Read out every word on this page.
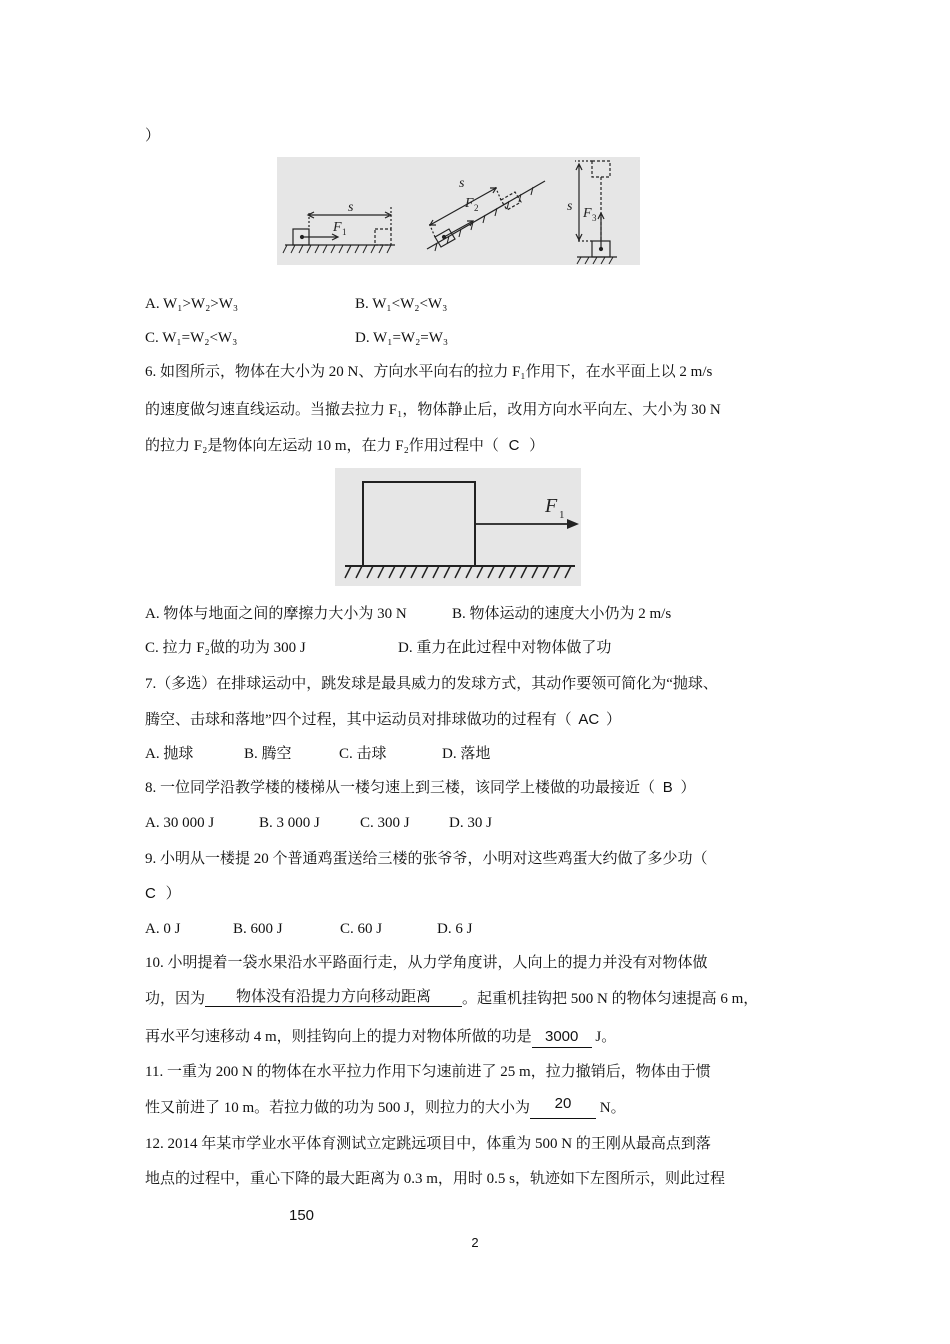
）
s
F 1
s
F 2	s F 3
A. W₁>W₂>W₃	B. W₁<W₂<W₃
C. W₁=W₂<W₃	D. W₁=W₂=W₃
6. 如图所示，物体在大小为 20 N、方向水平向右的拉力 F₁作用下，在水平面上以 2 m/s
的速度做匀速直线运动。当撤去拉力 F₁，物体静止后，改用方向水平向左、大小为 30 N
的拉力 F₂是物体向左运动 10 m，在力 F₂作用过程中（ C ）
F 1
A. 物体与地面之间的摩擦力大小为 30 N	B. 物体运动的速度大小仍为 2 m/s
C. 拉力 F₂做的功为 300 J	D. 重力在此过程中对物体做了功
7.（多选）在排球运动中，跳发球是最具威力的发球方式，其动作要领可简化为“抛球、
腾空、击球和落地”四个过程，其中运动员对排球做功的过程有（ AC ）
A. 抛球	B. 腾空	C. 击球	D. 落地
8. 一位同学沿教学楼的楼梯从一楼匀速上到三楼，该同学上楼做的功最接近（ B ）
A. 30 000 J	B. 3 000 J	C. 300 J	D. 30 J
9. 小明从一楼提 20 个普通鸡蛋送给三楼的张爷爷，小明对这些鸡蛋大约做了多少功（
C ）
A. 0 J	B. 600 J	C. 60 J	D. 6 J
10. 小明提着一袋水果沿水平路面行走，从力学角度讲，人向上的提力并没有对物体做
功，因为 物体没有沿提力方向移动距离 。起重机挂钩把 500 N 的物体匀速提高 6 m，
再水平匀速移动 4 m，则挂钩向上的提力对物体所做的功是 3000 J。
11. 一重为 200 N 的物体在水平拉力作用下匀速前进了 25 m，拉力撤销后，物体由于惯
性又前进了 10 m。若拉力做的功为 500 J，则拉力的大小为 20 N。
12. 2014 年某市学业水平体育测试立定跳远项目中，体重为 500 N 的王刚从最高点到落
地点的过程中，重心下降的最大距离为 0.3 m，用时 0.5 s，轨迹如下左图所示，则此过程
150
2
